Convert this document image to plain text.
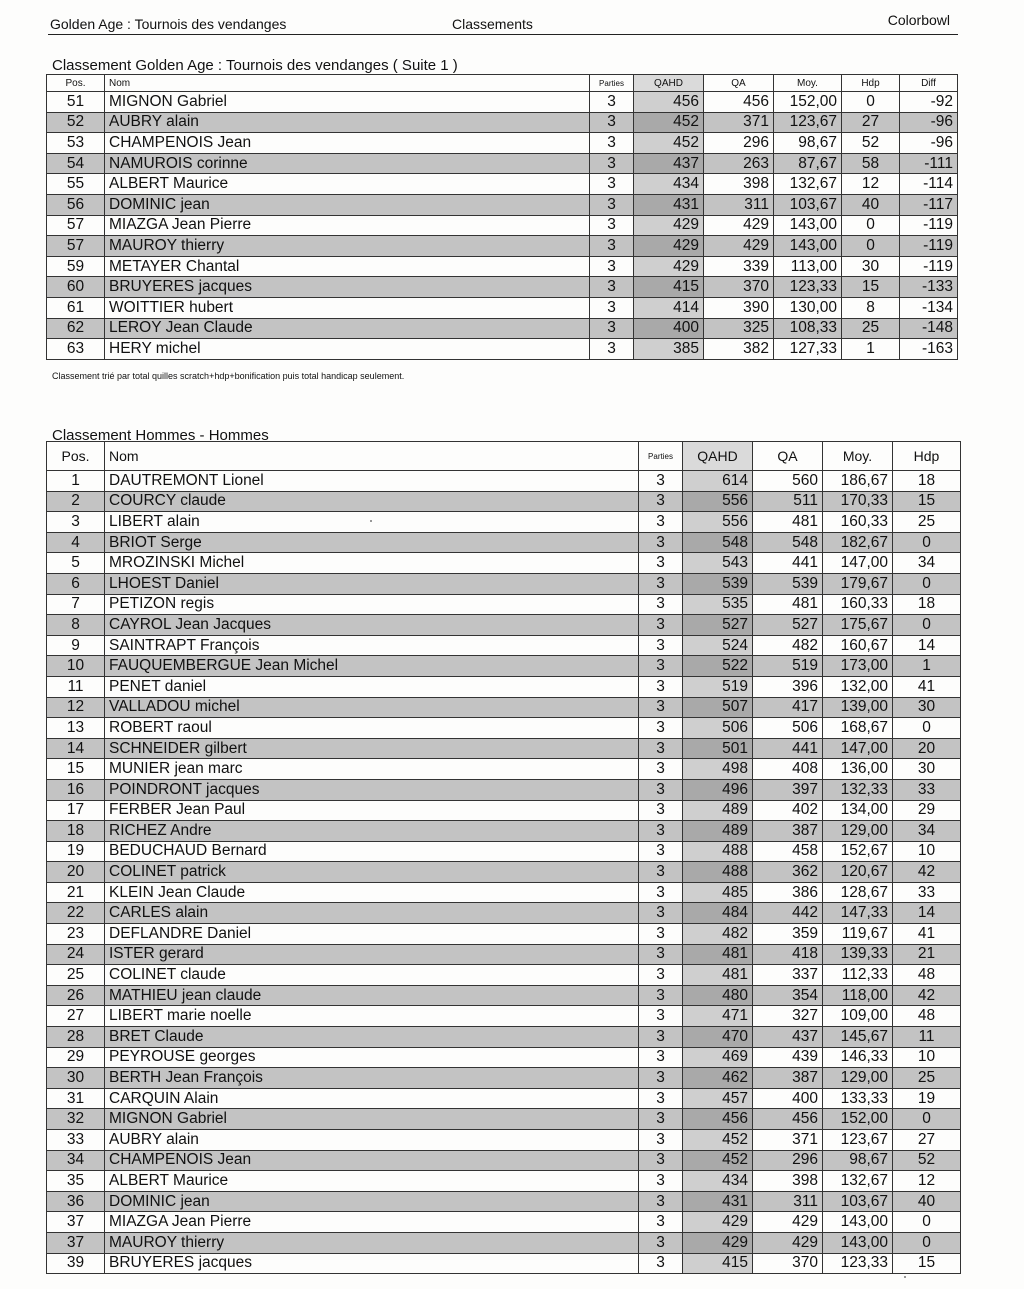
Golden Age : Tournois des vendanges	Classements	Colorbowl
Classement Golden Age : Tournois des vendanges ( Suite 1 )
Pos.	Nom	Parties	QAHD	QA	Moy.	Hdp	Diff
51	MIGNON Gabriel	3	456	456	152,00	0	-92
52	AUBRY alain	3	452	371	123,67	27	-96
53	CHAMPENOIS Jean	3	452	296	98,67	52	-96
54	NAMUROIS corinne	3	437	263	87,67	58	-111
55	ALBERT Maurice	3	434	398	132,67	12	-114
56	DOMINIC jean	3	431	311	103,67	40	-117
57	MIAZGA Jean Pierre	3	429	429	143,00	0	-119
57	MAUROY thierry	3	429	429	143,00	0	-119
59	METAYER Chantal	3	429	339	113,00	30	-119
60	BRUYERES jacques	3	415	370	123,33	15	-133
61	WOITTIER hubert	3	414	390	130,00	8	-134
62	LEROY Jean Claude	3	400	325	108,33	25	-148
63	HERY michel	3	385	382	127,33	1	-163
Classement trié par total quilles scratch+hdp+bonification puis total handicap seulement.
Classement Hommes - Hommes
Pos.	Nom	Parties	QAHD	QA	Moy.	Hdp
1	DAUTREMONT Lionel	3	614	560	186,67	18
2	COURCY claude	3	556	511	170,33	15
3	LIBERT alain	3	556	481	160,33	25
4	BRIOT Serge	3	548	548	182,67	0
5	MROZINSKI Michel	3	543	441	147,00	34
6	LHOEST Daniel	3	539	539	179,67	0
7	PETIZON regis	3	535	481	160,33	18
8	CAYROL Jean Jacques	3	527	527	175,67	0
9	SAINTRAPT François	3	524	482	160,67	14
10	FAUQUEMBERGUE Jean Michel	3	522	519	173,00	1
11	PENET daniel	3	519	396	132,00	41
12	VALLADOU michel	3	507	417	139,00	30
13	ROBERT raoul	3	506	506	168,67	0
14	SCHNEIDER gilbert	3	501	441	147,00	20
15	MUNIER jean marc	3	498	408	136,00	30
16	POINDRONT jacques	3	496	397	132,33	33
17	FERBER Jean Paul	3	489	402	134,00	29
18	RICHEZ Andre	3	489	387	129,00	34
19	BEDUCHAUD Bernard	3	488	458	152,67	10
20	COLINET patrick	3	488	362	120,67	42
21	KLEIN Jean Claude	3	485	386	128,67	33
22	CARLES alain	3	484	442	147,33	14
23	DEFLANDRE Daniel	3	482	359	119,67	41
24	ISTER gerard	3	481	418	139,33	21
25	COLINET claude	3	481	337	112,33	48
26	MATHIEU jean claude	3	480	354	118,00	42
27	LIBERT marie noelle	3	471	327	109,00	48
28	BRET Claude	3	470	437	145,67	11
29	PEYROUSE georges	3	469	439	146,33	10
30	BERTH Jean François	3	462	387	129,00	25
31	CARQUIN Alain	3	457	400	133,33	19
32	MIGNON Gabriel	3	456	456	152,00	0
33	AUBRY alain	3	452	371	123,67	27
34	CHAMPENOIS Jean	3	452	296	98,67	52
35	ALBERT Maurice	3	434	398	132,67	12
36	DOMINIC jean	3	431	311	103,67	40
37	MIAZGA Jean Pierre	3	429	429	143,00	0
37	MAUROY thierry	3	429	429	143,00	0
39	BRUYERES jacques	3	415	370	123,33	15
